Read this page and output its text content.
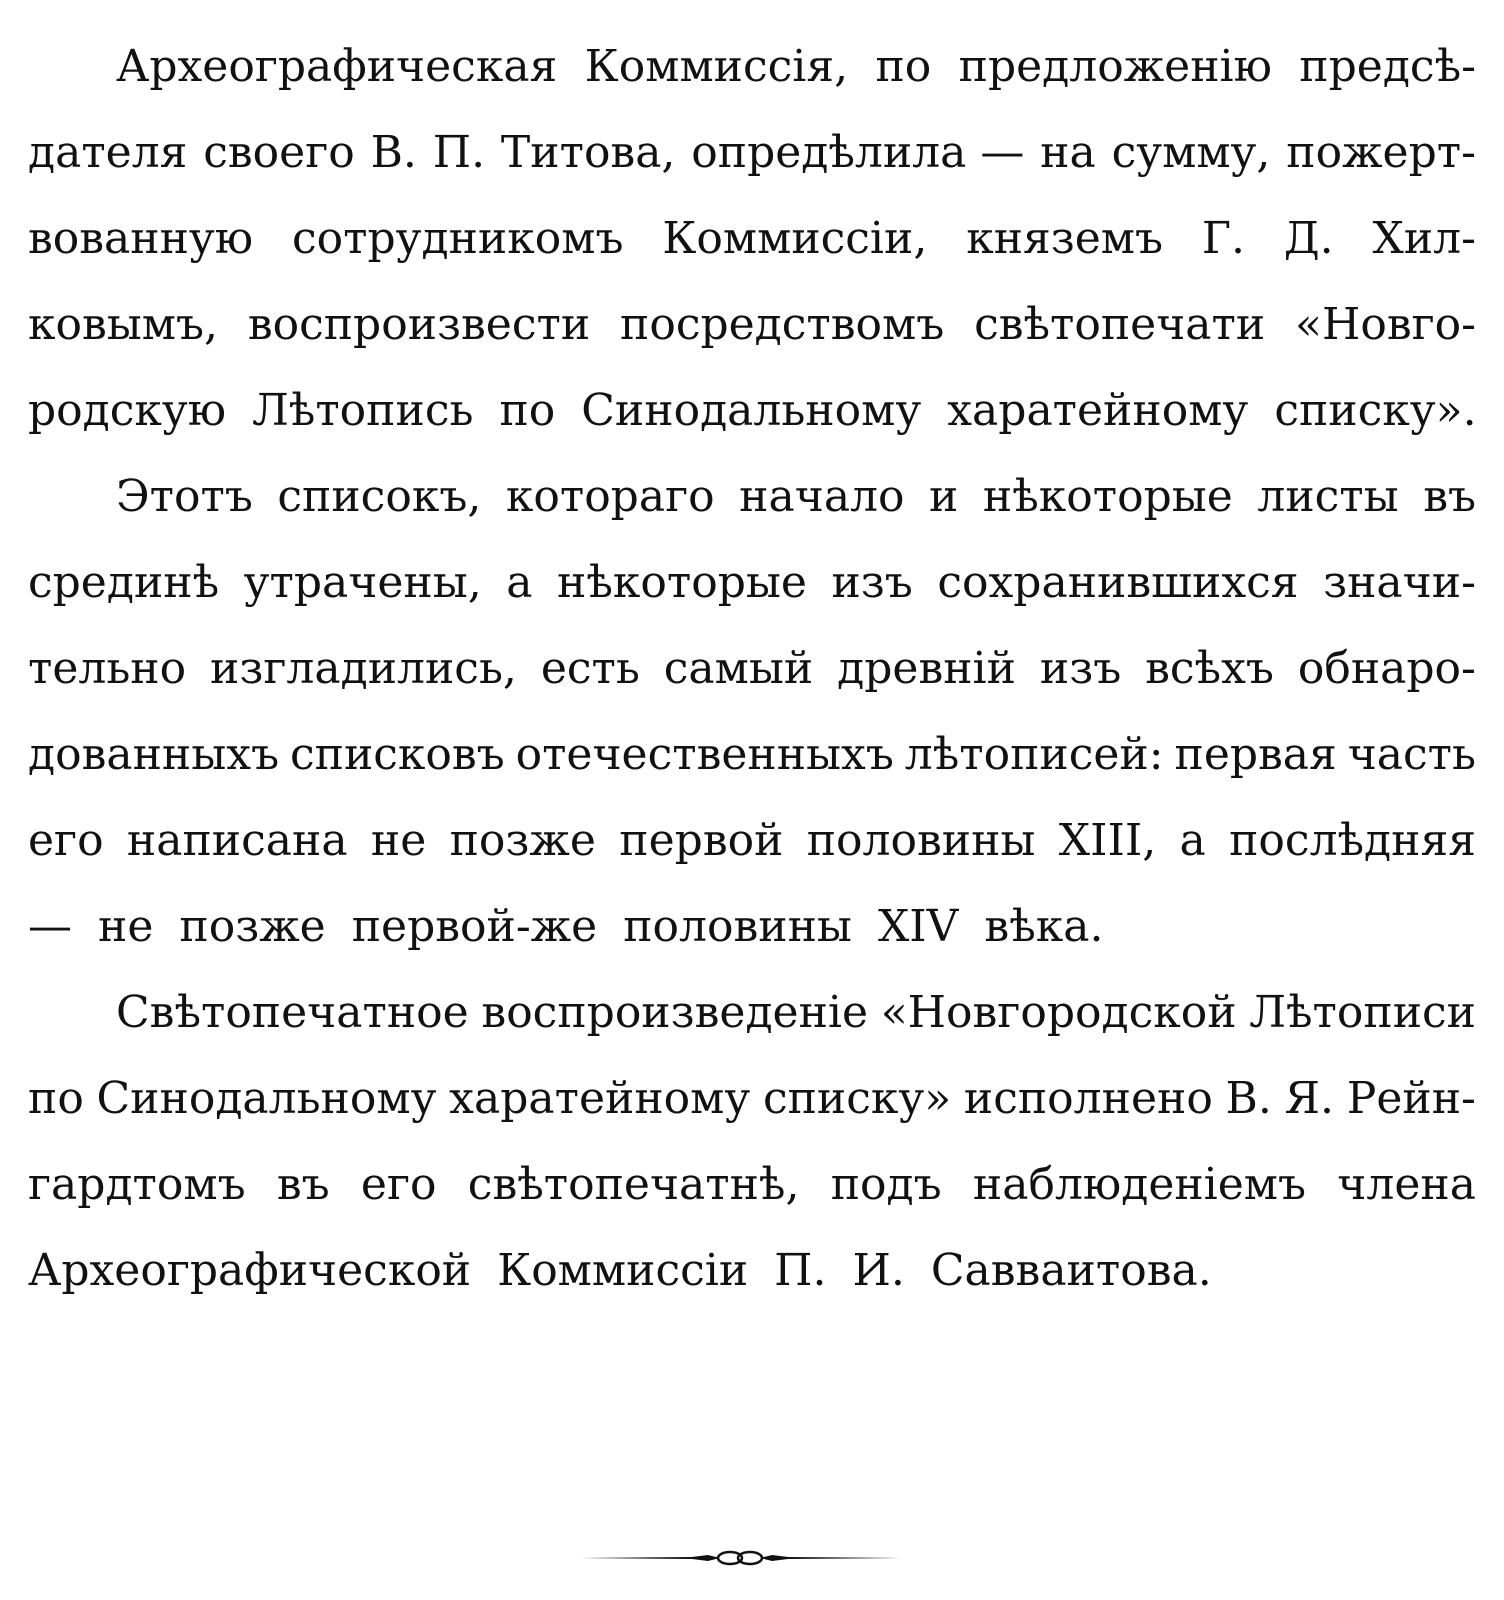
Археографическая Коммиссія, по предложенію предсѣ-
дателя своего В. П. Титова, опредѣлила — на сумму, пожерт-
вованную сотрудникомъ Коммиссіи, княземъ Г. Д. Хил-
ковымъ, воспроизвести посредствомъ свѣтопечати «Новго-
родскую Лѣтопись по Синодальному харатейному списку».
Этотъ списокъ, котораго начало и нѣкоторые листы въ
срединѣ утрачены, а нѣкоторые изъ сохранившихся значи-
тельно изгладились, есть самый древній изъ всѣхъ обнаро-
дованныхъ списковъ отечественныхъ лѣтописей: первая часть
его написана не позже первой половины XIII, а послѣдняя
— не позже первой-же половины XIV вѣка.
Свѣтопечатное воспроизведеніе «Новгородской Лѣтописи
по Синодальному харатейному списку» исполнено В. Я. Рейн-
гардтомъ въ его свѣтопечатнѣ, подъ наблюденіемъ члена
Археографической Коммиссіи П. И. Савваитова.
